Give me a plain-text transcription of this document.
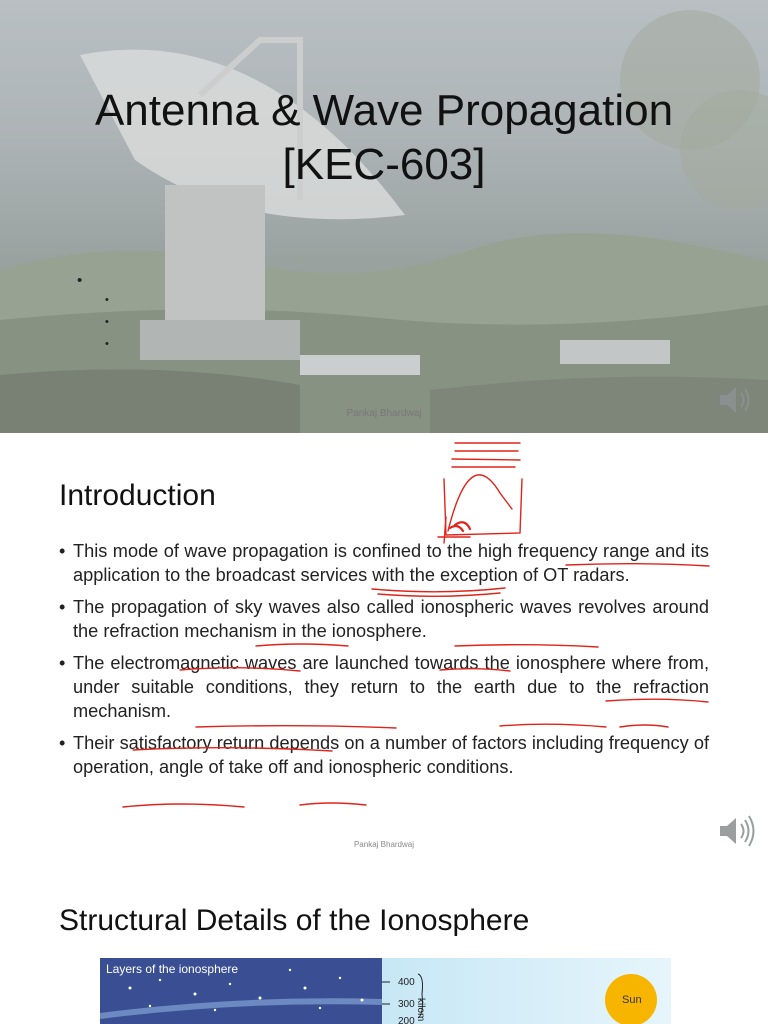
Antenna & Wave Propagation
[KEC-603]
•
•
•
•
Pankaj Bhardwaj
Introduction
• This mode of wave propagation is confined to the high frequency range and its application to the broadcast services with the exception of OT radars.
• The propagation of sky waves also called ionospheric waves revolves around the refraction mechanism in the ionosphere.
• The electromagnetic waves are launched towards the ionosphere where from, under suitable conditions, they return to the earth due to the refraction mechanism.
• Their satisfactory return depends on a number of factors including frequency of operation, angle of take off and ionospheric conditions.
Pankaj Bhardwaj
Structural Details of the Ionosphere
Layers of the ionosphere
400
300
200
kilom	Sun
